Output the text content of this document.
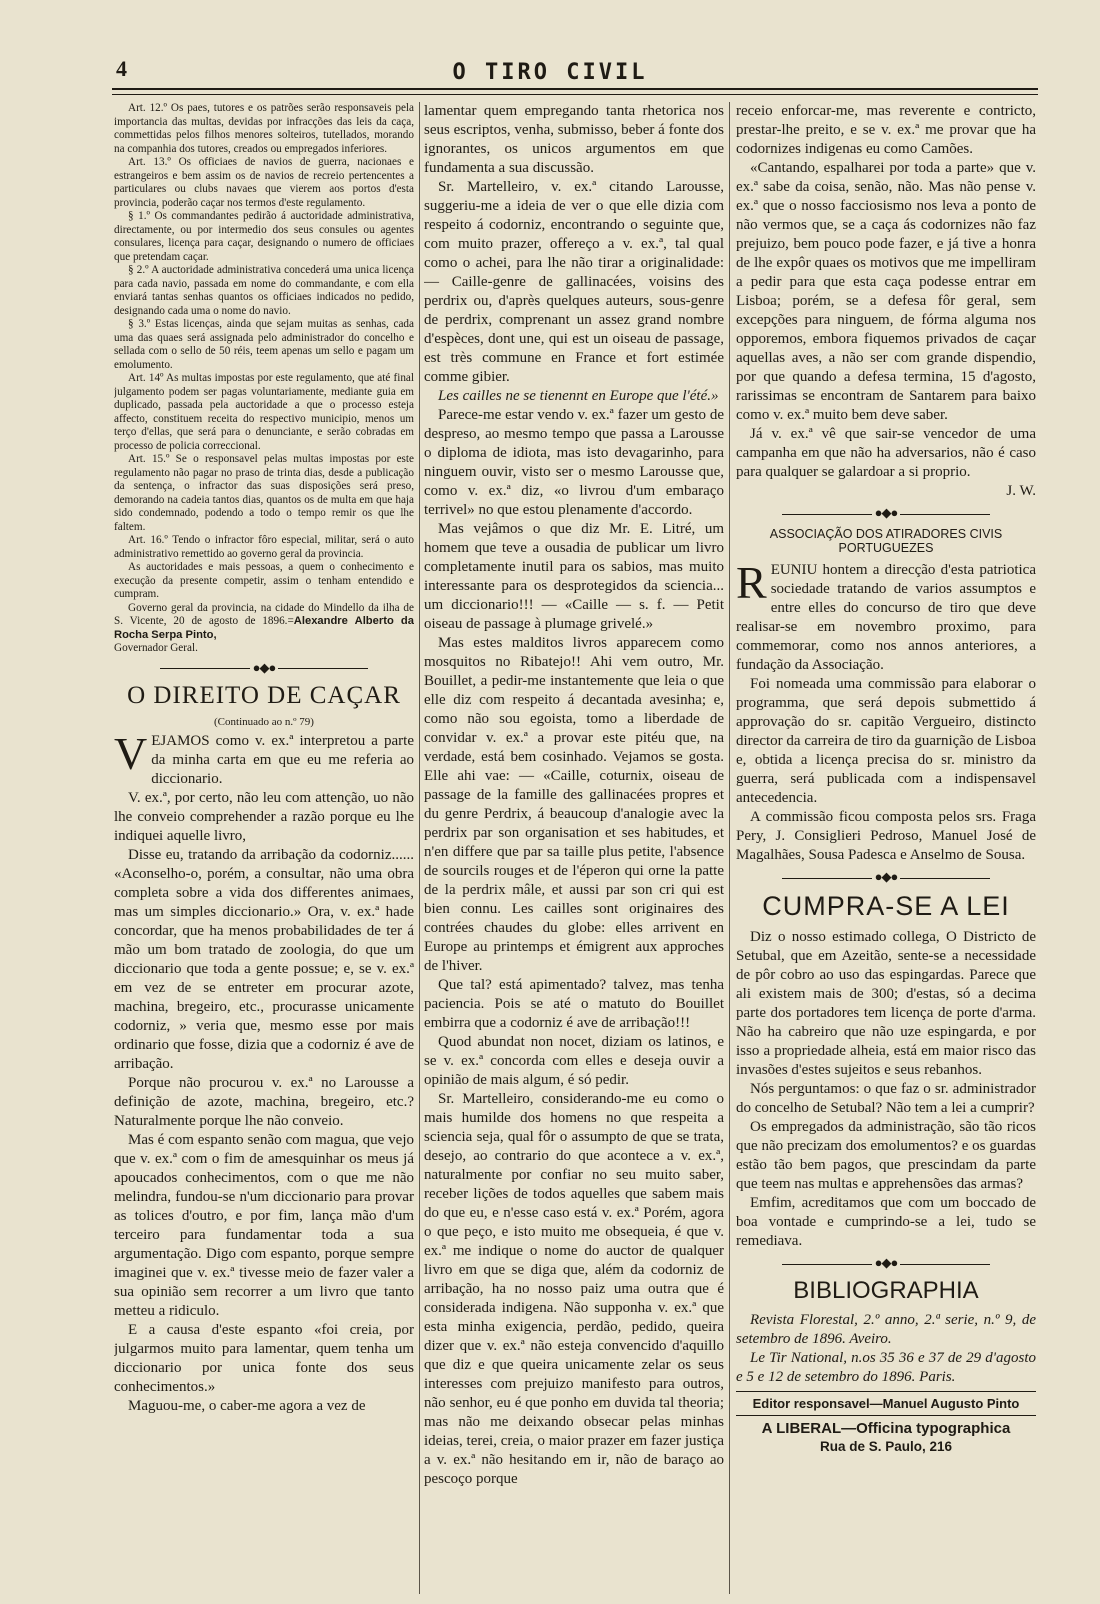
4	O TIRO CIVIL

Art. 12.º Os paes, tutores e os patrões serão responsaveis pela importancia das multas, devidas por infracções das leis da caça, commettidas pelos filhos menores solteiros, tutellados, morando na companhia dos tutores, creados ou empregados inferiores.

Art. 13.º Os officiaes de navios de guerra, nacionaes e estrangeiros e bem assim os de navios de recreio pertencentes a particulares ou clubs navaes que vierem aos portos d'esta provincia, poderão caçar nos termos d'este regulamento.

§ 1.º Os commandantes pedirão á auctoridade administrativa, directamente, ou por intermedio dos seus consules ou agentes consulares, licença para caçar, designando o numero de officiaes que pretendam caçar.

§ 2.º A auctoridade administrativa concederá uma unica licença para cada navio, passada em nome do commandante, e com ella enviará tantas senhas quantos os officiaes indicados no pedido, designando cada uma o nome do navio.

§ 3.º Estas licenças, ainda que sejam muitas as senhas, cada uma das quaes será assignada pelo administrador do concelho e sellada com o sello de 50 réis, teem apenas um sello e pagam um emolumento.

Art. 14º As multas impostas por este regulamento, que até final julgamento podem ser pagas voluntariamente, mediante guia em duplicado, passada pela auctoridade a que o processo esteja affecto, constituem receita do respectivo municipio, menos um terço d'ellas, que será para o denunciante, e serão cobradas em processo de policia correccional.

Art. 15.º Se o responsavel pelas multas impostas por este regulamento não pagar no praso de trinta dias, desde a publicação da sentença, o infractor das suas disposições será preso, demorando na cadeia tantos dias, quantos os de multa em que haja sido condemnado, podendo a todo o tempo remir os que lhe faltem.

Art. 16.º Tendo o infractor fôro especial, militar, será o auto administrativo remettido ao governo geral da provincia.

As auctoridades e mais pessoas, a quem o conhecimento e execução da presente competir, assim o tenham entendido e cumpram.

Governo geral da provincia, na cidade do Mindello da ilha de S. Vicente, 20 de agosto de 1896.=Alexandre Alberto da Rocha Serpa Pinto,

Governador Geral.

●◆●
O DIREITO DE CAÇAR

(Continuado ao n.º 79)

VEJAMOS como v. ex.ª interpretou a parte da minha carta em que eu me referia ao diccionario.

V. ex.ª, por certo, não leu com attenção, uo não lhe conveio comprehender a razão porque eu lhe indiquei aquelle livro,

Disse eu, tratando da arribação da codorniz...... «Aconselho-o, porém, a consultar, não uma obra completa sobre a vida dos differentes animaes, mas um simples diccionario.» Ora, v. ex.ª hade concordar, que ha menos probabilidades de ter á mão um bom tratado de zoologia, do que um diccionario que toda a gente possue; e, se v. ex.ª em vez de se entreter em procurar azote, machina, bregeiro, etc., procurasse unicamente codorniz, » veria que, mesmo esse por mais ordinario que fosse, dizia que a codorniz é ave de arribação.

Porque não procurou v. ex.ª no Larousse a definição de azote, machina, bregeiro, etc.? Naturalmente porque lhe não conveio.

Mas é com espanto senão com magua, que vejo que v. ex.ª com o fim de amesquinhar os meus já apoucados conhecimentos, com o que me não melindra, fundou-se n'um diccionario para provar as tolices d'outro, e por fim, lança mão d'um terceiro para fundamentar toda a sua argumentação. Digo com espanto, porque sempre imaginei que v. ex.ª tivesse meio de fazer valer a sua opinião sem recorrer a um livro que tanto metteu a ridiculo.

E a causa d'este espanto «foi creia, por julgarmos muito para lamentar, quem tenha um diccionario por unica fonte dos seus conhecimentos.»

Maguou-me, o caber-me agora a vez de

lamentar quem empregando tanta rhetorica nos seus escriptos, venha, submisso, beber á fonte dos ignorantes, os unicos argumentos em que fundamenta a sua discussão.

Sr. Martelleiro, v. ex.ª citando Larousse, suggeriu-me a ideia de ver o que elle dizia com respeito á codorniz, encontrando o seguinte que, com muito prazer, offereço a v. ex.ª, tal qual como o achei, para lhe não tirar a originalidade: — Caille-genre de gallinacées, voisins des perdrix ou, d'après quelques auteurs, sous-genre de perdrix, comprenant un assez grand nombre d'espèces, dont une, qui est un oiseau de passage, est très commune en France et fort estimée comme gibier.

Les cailles ne se tienennt en Europe que l'été.»

Parece-me estar vendo v. ex.ª fazer um gesto de despreso, ao mesmo tempo que passa a Larousse o diploma de idiota, mas isto devagarinho, para ninguem ouvir, visto ser o mesmo Larousse que, como v. ex.ª diz, «o livrou d'um embaraço terrivel» no que estou plenamente d'accordo.

Mas vejâmos o que diz Mr. E. Litré, um homem que teve a ousadia de publicar um livro completamente inutil para os sabios, mas muito interessante para os desprotegidos da sciencia... um diccionario!!! — «Caille — s. f. — Petit oiseau de passage à plumage grivelé.»

Mas estes malditos livros apparecem como mosquitos no Ribatejo!! Ahi vem outro, Mr. Bouillet, a pedir-me instantemente que leia o que elle diz com respeito á decantada avesinha; e, como não sou egoista, tomo a liberdade de convidar v. ex.ª a provar este pitéu que, na verdade, está bem cosinhado. Vejamos se gosta. Elle ahi vae: — «Caille, coturnix, oiseau de passage de la famille des gallinacées propres et du genre Perdrix, á beaucoup d'analogie avec la perdrix par son organisation et ses habitudes, et n'en differe que par sa taille plus petite, l'absence de sourcils rouges et de l'éperon qui orne la patte de la perdrix mâle, et aussi par son cri qui est bien connu. Les cailles sont originaires des contrées chaudes du globe: elles arrivent en Europe au printemps et émigrent aux approches de l'hiver.

Que tal? está apimentado? talvez, mas tenha paciencia. Pois se até o matuto do Bouillet embirra que a codorniz é ave de arribação!!!

Quod abundat non nocet, diziam os latinos, e se v. ex.ª concorda com elles e deseja ouvir a opinião de mais algum, é só pedir.

Sr. Martelleiro, considerando-me eu como o mais humilde dos homens no que respeita a sciencia seja, qual fôr o assumpto de que se trata, desejo, ao contrario do que acontece a v. ex.ª, naturalmente por confiar no seu muito saber, receber lições de todos aquelles que sabem mais do que eu, e n'esse caso está v. ex.ª Porém, agora o que peço, e isto muito me obsequeia, é que v. ex.ª me indique o nome do auctor de qualquer livro em que se diga que, além da codorniz de arribação, ha no nosso paiz uma outra que é considerada indigena. Não supponha v. ex.ª que esta minha exigencia, perdão, pedido, queira dizer que v. ex.ª não esteja convencido d'aquillo que diz e que queira unicamente zelar os seus interesses com prejuizo manifesto para outros, não senhor, eu é que ponho em duvida tal theoria; mas não me deixando obsecar pelas minhas ideias, terei, creia, o maior prazer em fazer justiça a v. ex.ª não hesitando em ir, não de baraço ao pescoço porque

receio enforcar-me, mas reverente e contricto, prestar-lhe preito, e se v. ex.ª me provar que ha codornizes indigenas eu como Camões.

«Cantando, espalharei por toda a parte» que v. ex.ª sabe da coisa, senão, não. Mas não pense v. ex.ª que o nosso facciosismo nos leva a ponto de não vermos que, se a caça ás codornizes não faz prejuizo, bem pouco pode fazer, e já tive a honra de lhe expôr quaes os motivos que me impelliram a pedir para que esta caça podesse entrar em Lisboa; porém, se a defesa fôr geral, sem excepções para ninguem, de fórma alguma nos opporemos, embora fiquemos privados de caçar aquellas aves, a não ser com grande dispendio, por que quando a defesa termina, 15 d'agosto, rarissimas se encontram de Santarem para baixo como v. ex.ª muito bem deve saber.

Já v. ex.ª vê que sair-se vencedor de uma campanha em que não ha adversarios, não é caso para qualquer se galardoar a si proprio.

J. W.

●◆●
ASSOCIAÇÃO DOS ATIRADORES CIVIS PORTUGUEZES

REUNIU hontem a direcção d'esta patriotica sociedade tratando de varios assumptos e entre elles do concurso de tiro que deve realisar-se em novembro proximo, para commemorar, como nos annos anteriores, a fundação da Associação.

Foi nomeada uma commissão para elaborar o programma, que será depois submettido á approvação do sr. capitão Vergueiro, distincto director da carreira de tiro da guarnição de Lisboa e, obtida a licença precisa do sr. ministro da guerra, será publicada com a indispensavel antecedencia.

A commissão ficou composta pelos srs. Fraga Pery, J. Consiglieri Pedroso, Manuel José de Magalhães, Sousa Padesca e Anselmo de Sousa.

●◆●
CUMPRA-SE A LEI

Diz o nosso estimado collega, O Districto de Setubal, que em Azeitão, sente-se a necessidade de pôr cobro ao uso das espingardas. Parece que ali existem mais de 300; d'estas, só a decima parte dos portadores tem licença de porte d'arma. Não ha cabreiro que não uze espingarda, e por isso a propriedade alheia, está em maior risco das invasões d'estes sujeitos e seus rebanhos.

Nós perguntamos: o que faz o sr. administrador do concelho de Setubal? Não tem a lei a cumprir?

Os empregados da administração, são tão ricos que não precizam dos emolumentos? e os guardas estão tão bem pagos, que prescindam da parte que teem nas multas e apprehensões das armas?

Emfim, acreditamos que com um boccado de boa vontade e cumprindo-se a lei, tudo se remediava.

●◆●
BIBLIOGRAPHIA

Revista Florestal, 2.º anno, 2.ª serie, n.º 9, de setembro de 1896. Aveiro.

Le Tir National, n.os 35 36 e 37 de 29 d'agosto e 5 e 12 de setembro do 1896. Paris.

Editor responsavel—Manuel Augusto Pinto

A LIBERAL—Officina typographica

Rua de S. Paulo, 216
